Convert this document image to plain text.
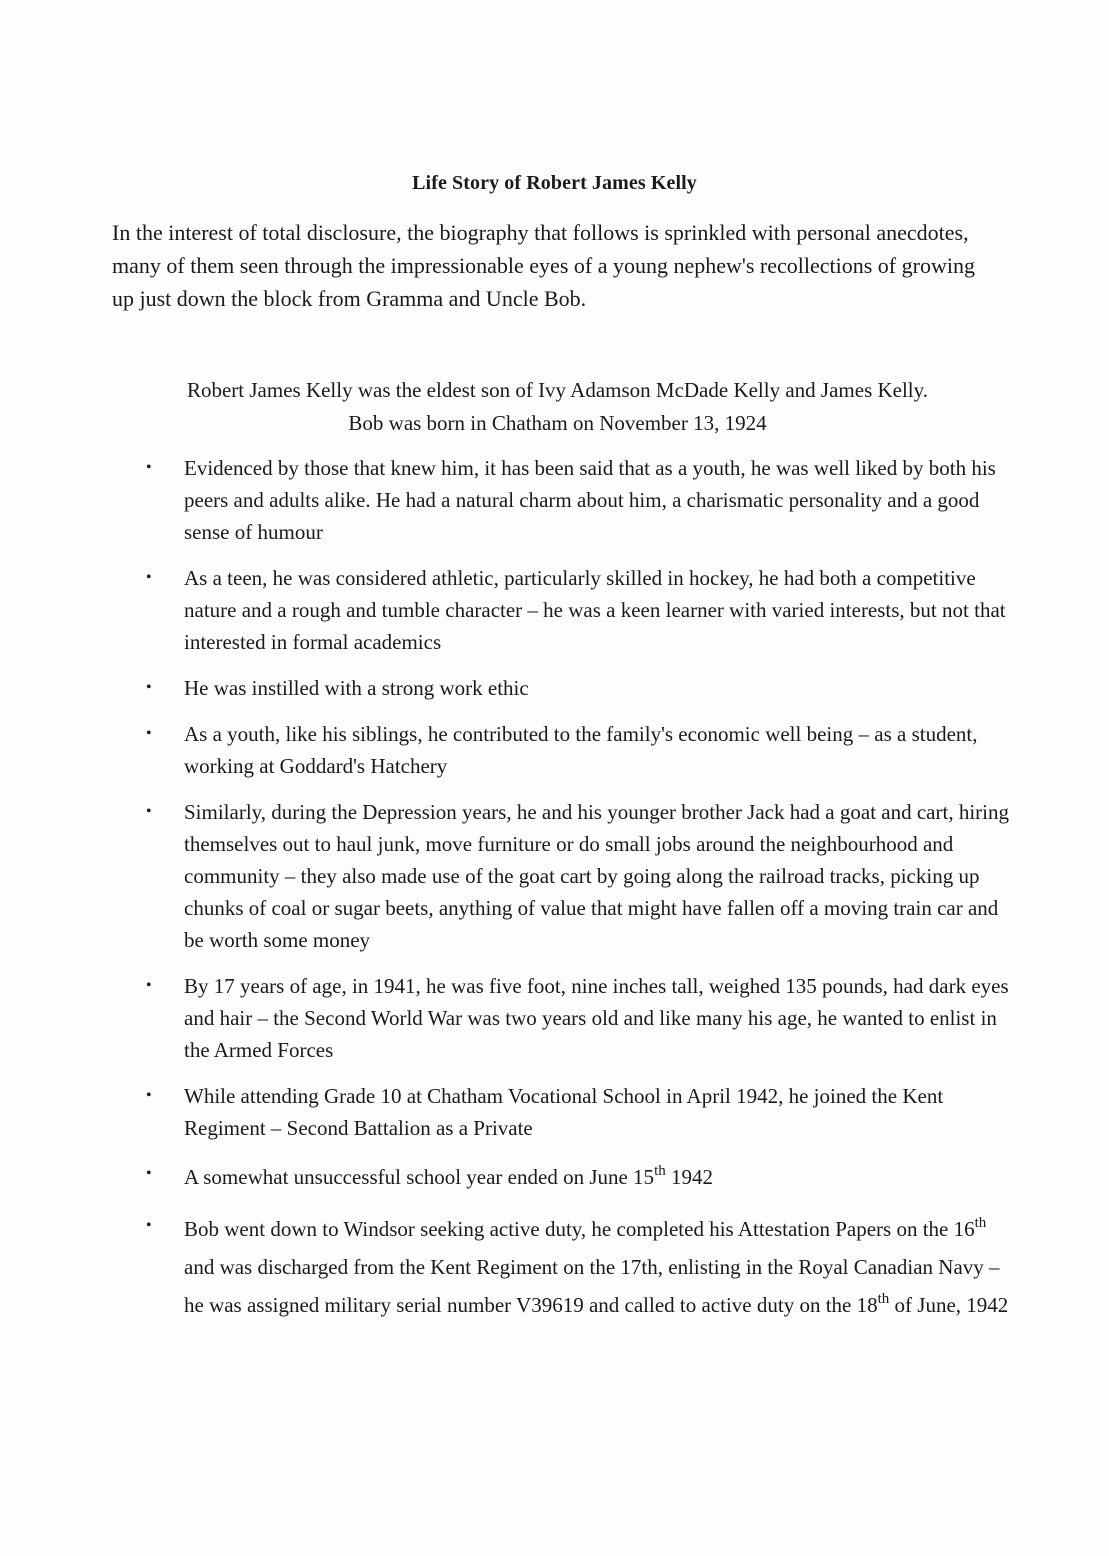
Life Story of Robert James Kelly
In the interest of total disclosure, the biography that follows is sprinkled with personal anecdotes, many of them seen through the impressionable eyes of a young nephew's recollections of growing up just down the block from Gramma and Uncle Bob.
Robert James Kelly was the eldest son of Ivy Adamson McDade Kelly and James Kelly.
Bob was born in Chatham on November 13, 1924
• Evidenced by those that knew him, it has been said that as a youth, he was well liked by both his peers and adults alike. He had a natural charm about him, a charismatic personality and a good sense of humour
• As a teen, he was considered athletic, particularly skilled in hockey, he had both a competitive nature and a rough and tumble character – he was a keen learner with varied interests, but not that interested in formal academics
• He was instilled with a strong work ethic
• As a youth, like his siblings, he contributed to the family's economic well being – as a student, working at Goddard's Hatchery
• Similarly, during the Depression years, he and his younger brother Jack had a goat and cart, hiring themselves out to haul junk, move furniture or do small jobs around the neighbourhood and community – they also made use of the goat cart by going along the railroad tracks, picking up chunks of coal or sugar beets, anything of value that might have fallen off a moving train car and be worth some money
• By 17 years of age, in 1941, he was five foot, nine inches tall, weighed 135 pounds, had dark eyes and hair – the Second World War was two years old and like many his age, he wanted to enlist in the Armed Forces
• While attending Grade 10 at Chatham Vocational School in April 1942, he joined the Kent Regiment – Second Battalion as a Private
• A somewhat unsuccessful school year ended on June 15th 1942
• Bob went down to Windsor seeking active duty, he completed his Attestation Papers on the 16th and was discharged from the Kent Regiment on the 17th, enlisting in the Royal Canadian Navy – he was assigned military serial number V39619 and called to active duty on the 18th of June, 1942
